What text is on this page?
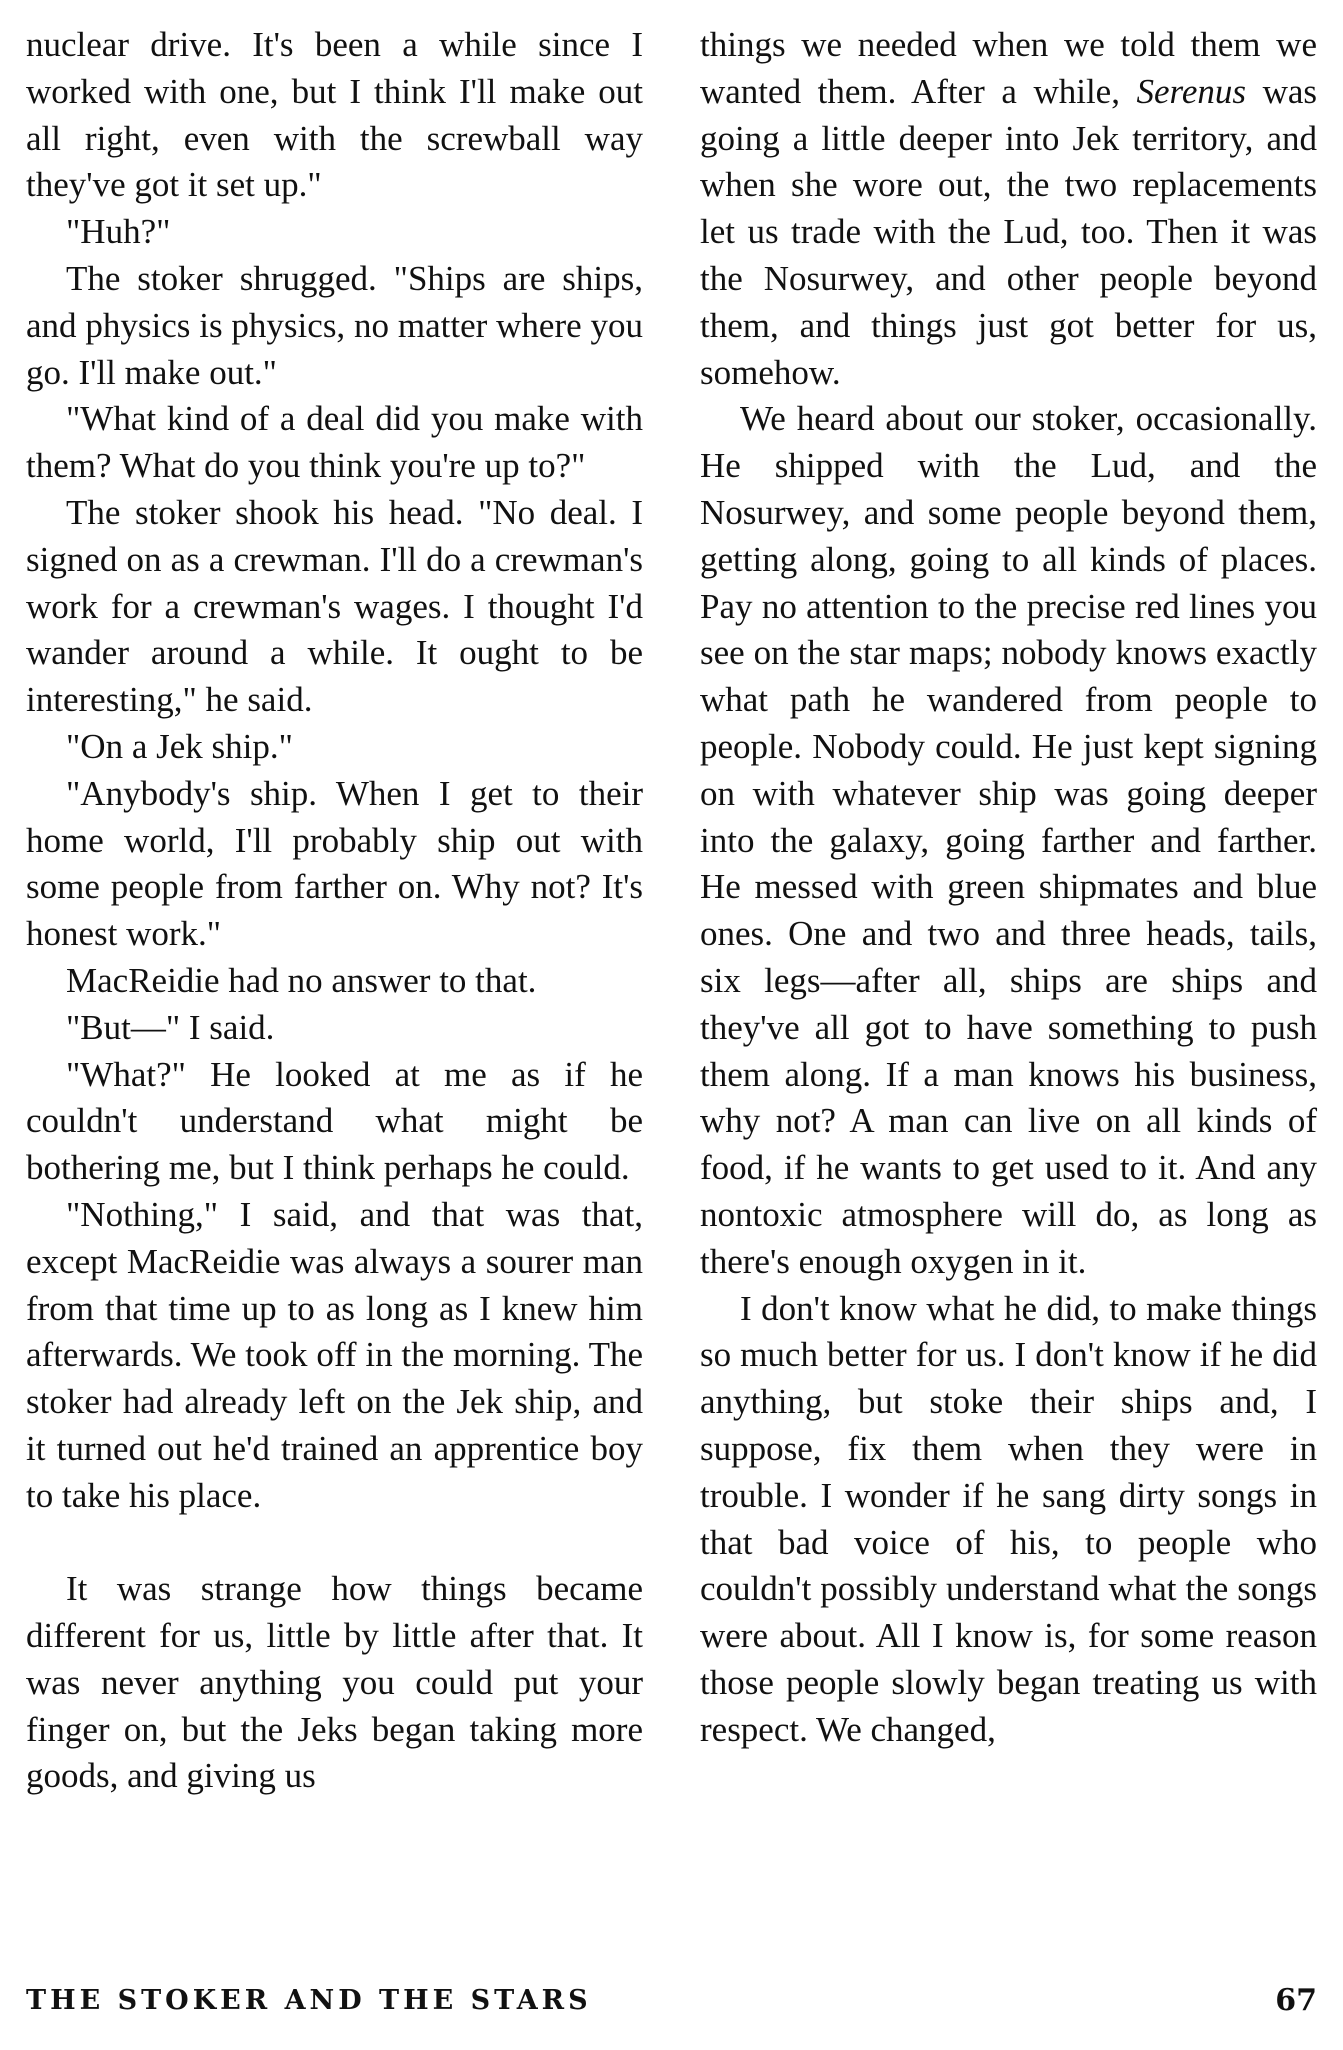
nuclear drive. It's been a while since I worked with one, but I think I'll make out all right, even with the screwball way they've got it set up."

"Huh?"

The stoker shrugged. "Ships are ships, and physics is physics, no matter where you go. I'll make out."

"What kind of a deal did you make with them? What do you think you're up to?"

The stoker shook his head. "No deal. I signed on as a crewman. I'll do a crewman's work for a crewman's wages. I thought I'd wander around a while. It ought to be interesting," he said.

"On a Jek ship."

"Anybody's ship. When I get to their home world, I'll probably ship out with some people from farther on. Why not? It's honest work."

MacReidie had no answer to that.

"But—" I said.

"What?" He looked at me as if he couldn't understand what might be bothering me, but I think perhaps he could.

"Nothing," I said, and that was that, except MacReidie was always a sourer man from that time up to as long as I knew him afterwards. We took off in the morning. The stoker had already left on the Jek ship, and it turned out he'd trained an apprentice boy to take his place.

It was strange how things became different for us, little by little after that. It was never anything you could put your finger on, but the Jeks began taking more goods, and giving us

things we needed when we told them we wanted them. After a while, Serenus was going a little deeper into Jek territory, and when she wore out, the two replacements let us trade with the Lud, too. Then it was the Nosurwey, and other people beyond them, and things just got better for us, somehow.

We heard about our stoker, occasionally. He shipped with the Lud, and the Nosurwey, and some people beyond them, getting along, going to all kinds of places. Pay no attention to the precise red lines you see on the star maps; nobody knows exactly what path he wandered from people to people. Nobody could. He just kept signing on with whatever ship was going deeper into the galaxy, going farther and farther. He messed with green shipmates and blue ones. One and two and three heads, tails, six legs—after all, ships are ships and they've all got to have something to push them along. If a man knows his business, why not? A man can live on all kinds of food, if he wants to get used to it. And any nontoxic atmosphere will do, as long as there's enough oxygen in it.

I don't know what he did, to make things so much better for us. I don't know if he did anything, but stoke their ships and, I suppose, fix them when they were in trouble. I wonder if he sang dirty songs in that bad voice of his, to people who couldn't possibly understand what the songs were about. All I know is, for some reason those people slowly began treating us with respect. We changed,

THE STOKER AND THE STARS	67
